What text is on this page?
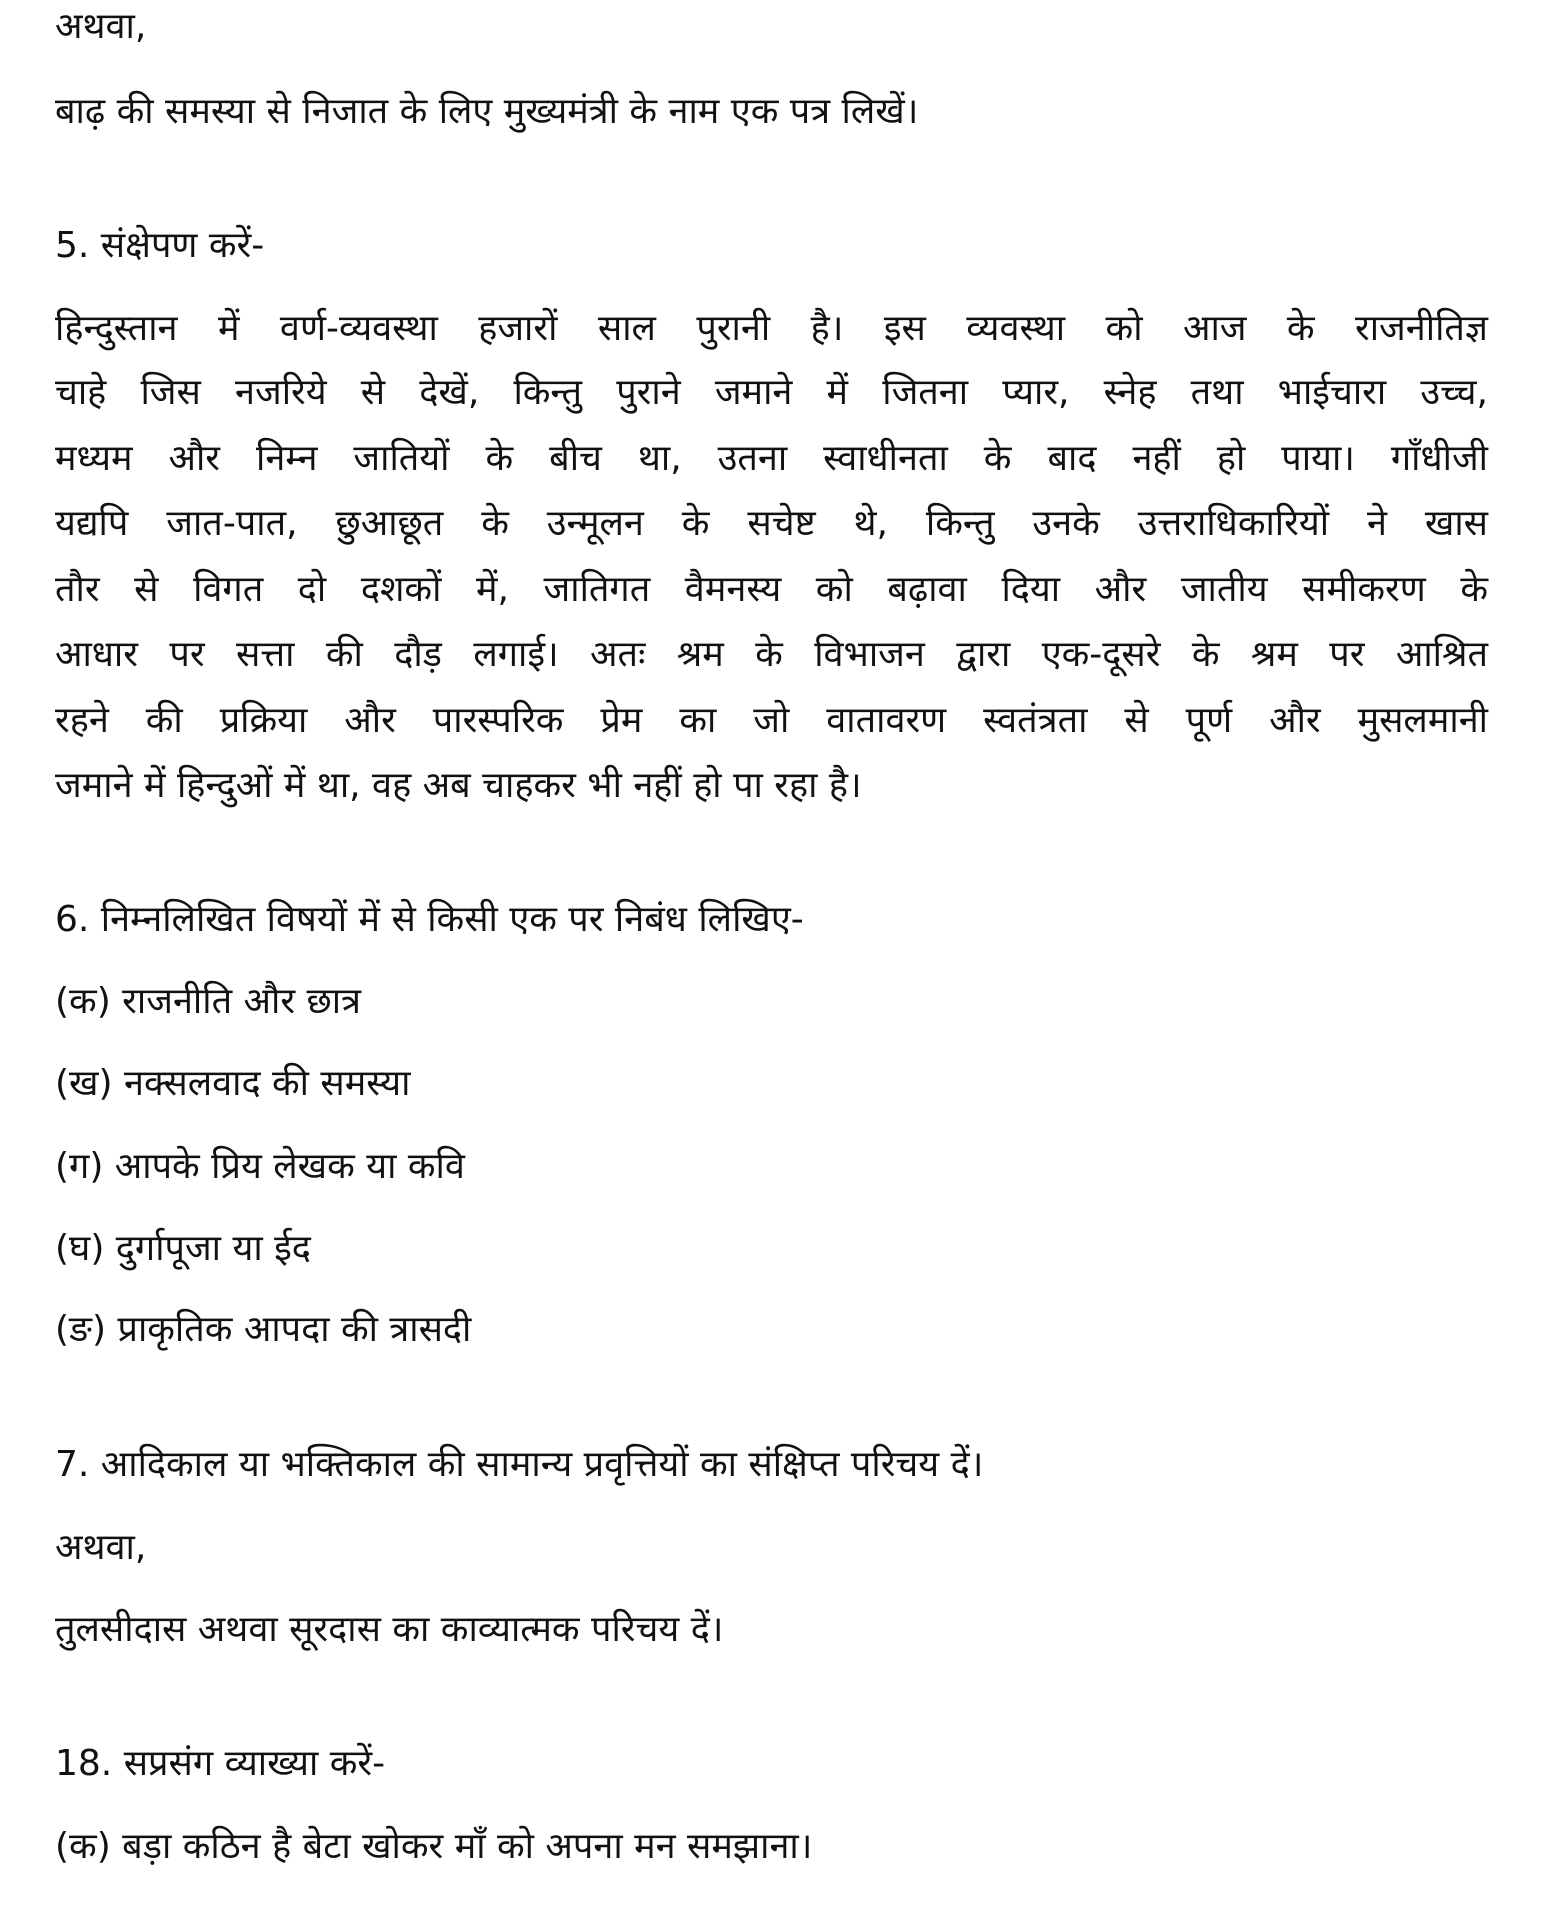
अथवा,
बाढ़ की समस्या से निजात के लिए मुख्यमंत्री के नाम एक पत्र लिखें।
5. संक्षेपण करें-
हिन्दुस्तान में वर्ण-व्यवस्था हजारों साल पुरानी है। इस व्यवस्था को आज के राजनीतिज्ञ
चाहे जिस नजरिये से देखें, किन्तु पुराने जमाने में जितना प्यार, स्नेह तथा भाईचारा उच्च,
मध्यम और निम्न जातियों के बीच था, उतना स्वाधीनता के बाद नहीं हो पाया। गाँधीजी
यद्यपि जात-पात, छुआछूत के उन्मूलन के सचेष्ट थे, किन्तु उनके उत्तराधिकारियों ने खास
तौर से विगत दो दशकों में, जातिगत वैमनस्य को बढ़ावा दिया और जातीय समीकरण के
आधार पर सत्ता की दौड़ लगाई। अतः श्रम के विभाजन द्वारा एक-दूसरे के श्रम पर आश्रित
रहने की प्रक्रिया और पारस्परिक प्रेम का जो वातावरण स्वतंत्रता से पूर्ण और मुसलमानी
जमाने में हिन्दुओं में था, वह अब चाहकर भी नहीं हो पा रहा है।
6. निम्नलिखित विषयों में से किसी एक पर निबंध लिखिए-
(क) राजनीति और छात्र
(ख) नक्सलवाद की समस्या
(ग) आपके प्रिय लेखक या कवि
(घ) दुर्गापूजा या ईद
(ङ) प्राकृतिक आपदा की त्रासदी
7. आदिकाल या भक्तिकाल की सामान्य प्रवृत्तियों का संक्षिप्त परिचय दें।
अथवा,
तुलसीदास अथवा सूरदास का काव्यात्मक परिचय दें।
18. सप्रसंग व्याख्या करें-
(क) बड़ा कठिन है बेटा खोकर माँ को अपना मन समझाना।
